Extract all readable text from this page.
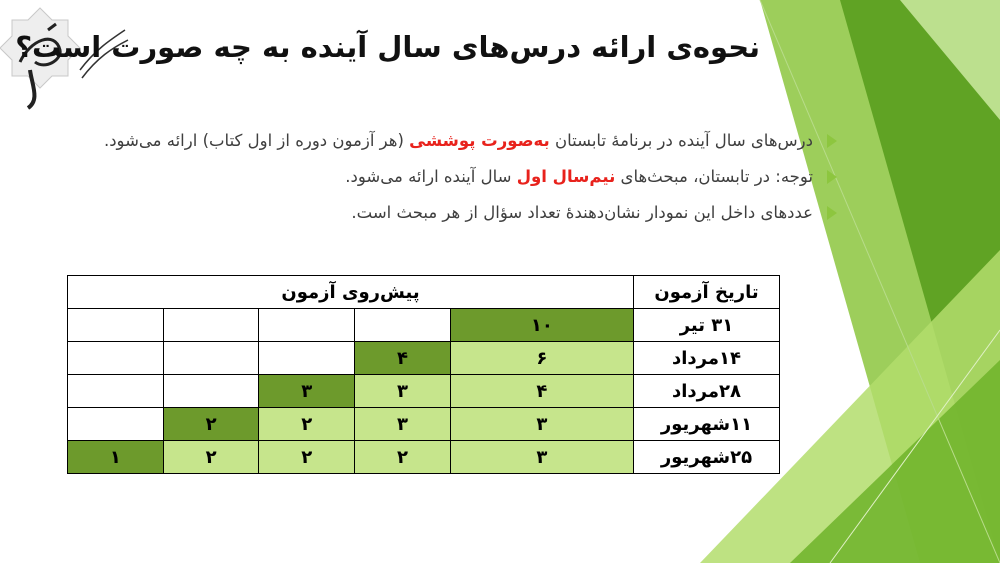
نحوه‌ی ارائه درس‌های سال آینده به چه صورت است؟
درس‌های سال آینده در برنامهٔ تابستان به‌صورت پوششی (هر آزمون دوره از اول کتاب) ارائه می‌شود.
توجه: در تابستان، مبحث‌های نیم‌سال اول سال آینده ارائه می‌شود.
عددهای داخل این نمودار نشان‌دهندهٔ تعداد سؤال از هر مبحث است.
تاریخ آزمون	پیش‌روی آزمون				
۳۱ تیر	۱۰				
۱۴مرداد	۶	۴			
۲۸مرداد	۴	۳	۳		
۱۱شهریور	۳	۳	۲	۲	
۲۵شهریور	۳	۲	۲	۲	۱
